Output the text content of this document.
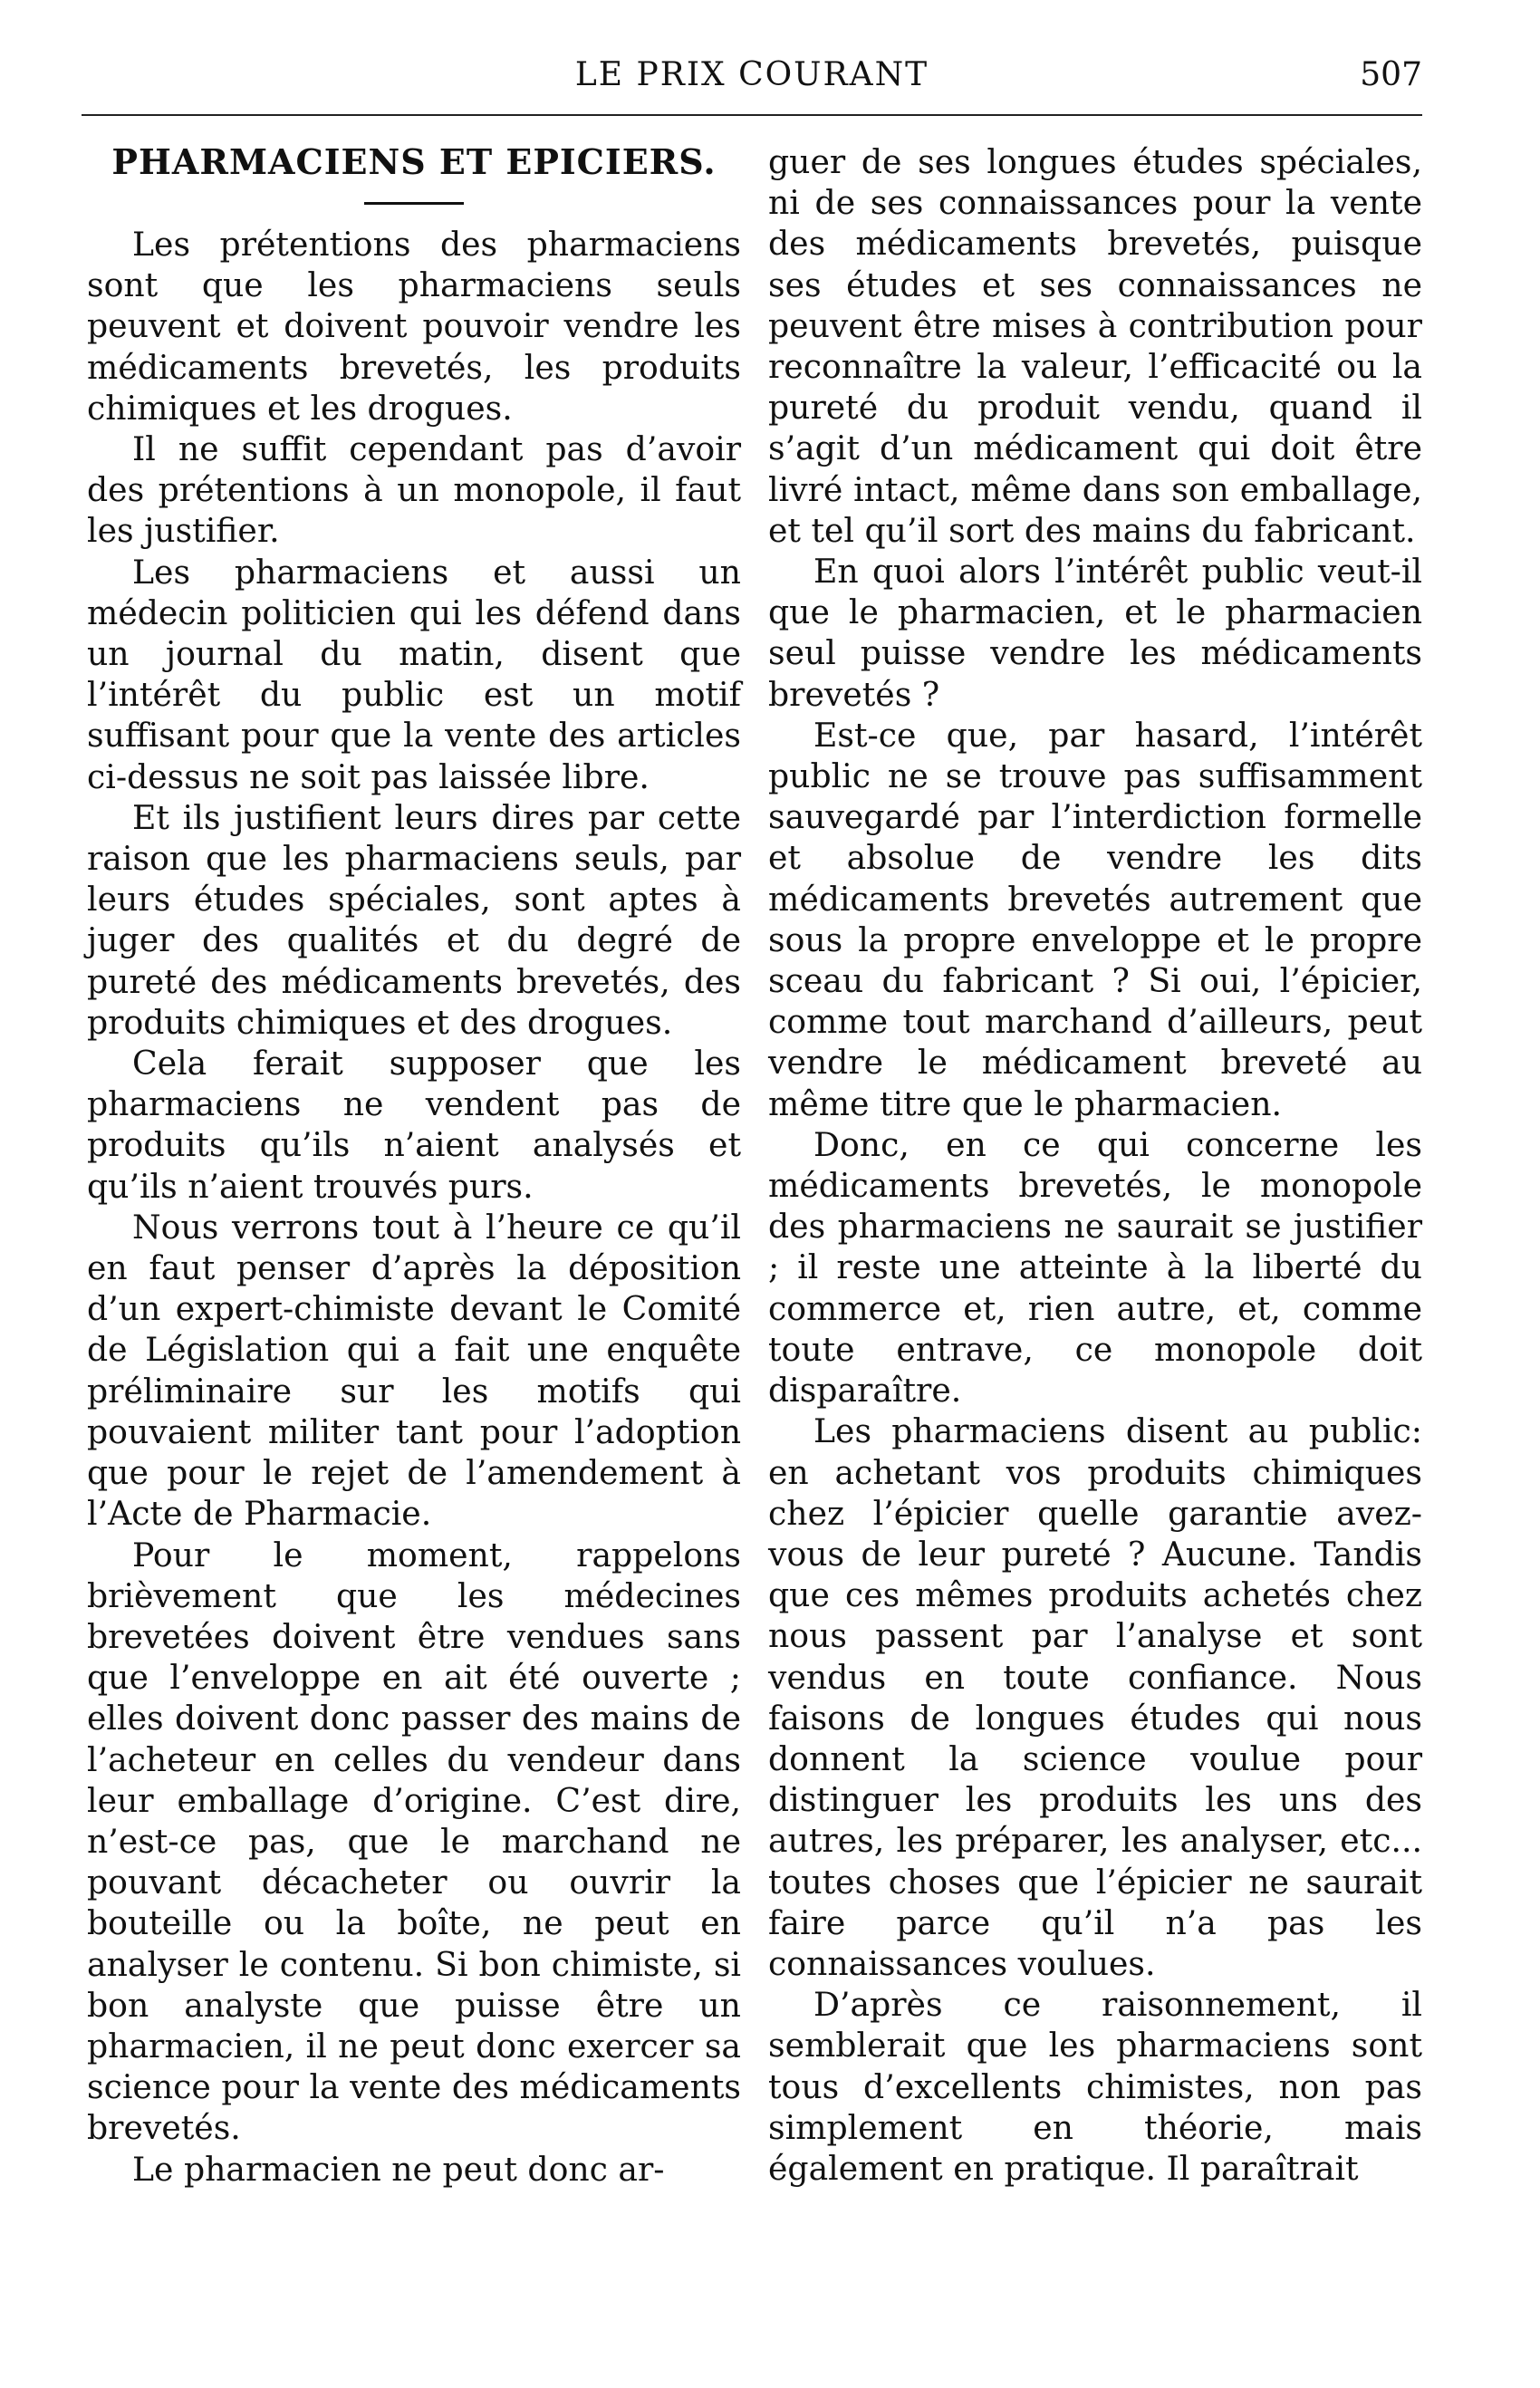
LE PRIX COURANT	507
PHARMACIENS ET EPICIERS.

Les prétentions des pharmaciens sont que les pharmaciens seuls peuvent et doivent pouvoir vendre les médicaments brevetés, les produits chimiques et les drogues.

Il ne suffit cependant pas d’avoir des prétentions à un monopole, il faut les justifier.

Les pharmaciens et aussi un médecin politicien qui les défend dans un journal du matin, disent que l’intérêt du public est un motif suffisant pour que la vente des articles ci-dessus ne soit pas laissée libre.

Et ils justifient leurs dires par cette raison que les pharmaciens seuls, par leurs études spéciales, sont aptes à juger des qualités et du degré de pureté des médicaments brevetés, des produits chimiques et des drogues.

Cela ferait supposer que les pharmaciens ne vendent pas de produits qu’ils n’aient analysés et qu’ils n’aient trouvés purs.

Nous verrons tout à l’heure ce qu’il en faut penser d’après la déposition d’un expert-chimiste devant le Comité de Législation qui a fait une enquête préliminaire sur les motifs qui pouvaient militer tant pour l’adoption que pour le rejet de l’amendement à l’Acte de Pharmacie.

Pour le moment, rappelons brièvement que les médecines brevetées doivent être vendues sans que l’enveloppe en ait été ouverte ; elles doivent donc passer des mains de l’acheteur en celles du vendeur dans leur emballage d’origine. C’est dire, n’est-ce pas, que le marchand ne pouvant décacheter ou ouvrir la bouteille ou la boîte, ne peut en analyser le contenu. Si bon chimiste, si bon analyste que puisse être un pharmacien, il ne peut donc exercer sa science pour la vente des médicaments brevetés.

Le pharmacien ne peut donc ar-

guer de ses longues études spéciales, ni de ses connaissances pour la vente des médicaments brevetés, puisque ses études et ses connaissances ne peuvent être mises à contribution pour reconnaître la valeur, l’efficacité ou la pureté du produit vendu, quand il s’agit d’un médicament qui doit être livré intact, même dans son emballage, et tel qu’il sort des mains du fabricant.

En quoi alors l’intérêt public veut-il que le pharmacien, et le pharmacien seul puisse vendre les médicaments brevetés ?

Est-ce que, par hasard, l’intérêt public ne se trouve pas suffisamment sauvegardé par l’interdiction formelle et absolue de vendre les dits médicaments brevetés autrement que sous la propre enveloppe et le propre sceau du fabricant ? Si oui, l’épicier, comme tout marchand d’ailleurs, peut vendre le médicament breveté au même titre que le pharmacien.

Donc, en ce qui concerne les médicaments brevetés, le monopole des pharmaciens ne saurait se justifier ; il reste une atteinte à la liberté du commerce et, rien autre, et, comme toute entrave, ce monopole doit disparaître.

Les pharmaciens disent au public: en achetant vos produits chimiques chez l’épicier quelle garantie avez-vous de leur pureté ? Aucune. Tandis que ces mêmes produits achetés chez nous passent par l’analyse et sont vendus en toute confiance. Nous faisons de longues études qui nous donnent la science voulue pour distinguer les produits les uns des autres, les préparer, les analyser, etc... toutes choses que l’épicier ne saurait faire parce qu’il n’a pas les connaissances voulues.

D’après ce raisonnement, il semblerait que les pharmaciens sont tous d’excellents chimistes, non pas simplement en théorie, mais également en pratique. Il paraîtrait
